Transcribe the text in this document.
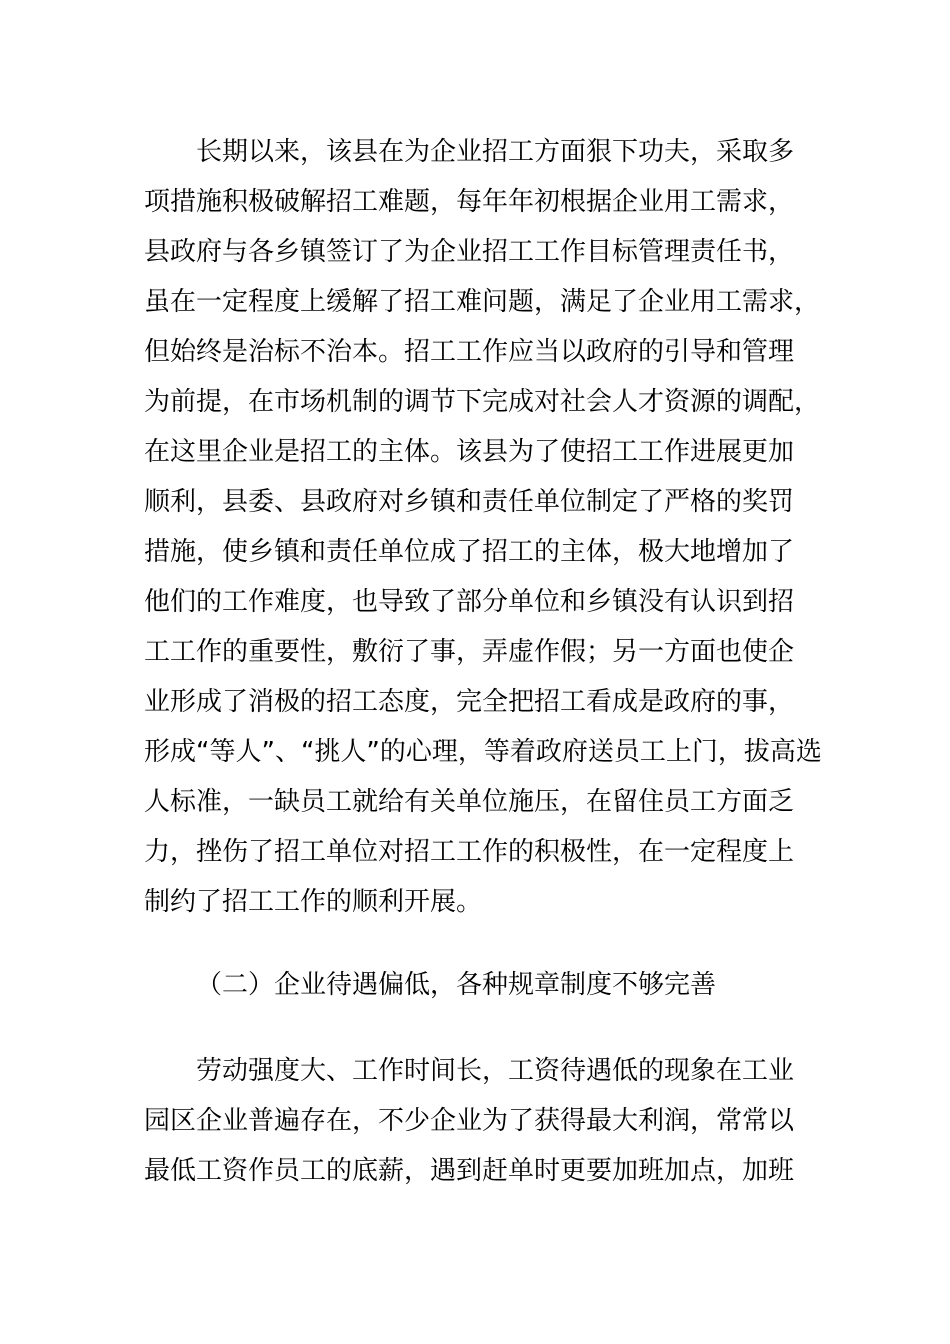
长期以来，该县在为企业招工方面狠下功夫，采取多
项措施积极破解招工难题，每年年初根据企业用工需求，
县政府与各乡镇签订了为企业招工工作目标管理责任书，
虽在一定程度上缓解了招工难问题，满足了企业用工需求，
但始终是治标不治本。招工工作应当以政府的引导和管理
为前提，在市场机制的调节下完成对社会人才资源的调配，
在这里企业是招工的主体。该县为了使招工工作进展更加
顺利，县委、县政府对乡镇和责任单位制定了严格的奖罚
措施，使乡镇和责任单位成了招工的主体，极大地增加了
他们的工作难度，也导致了部分单位和乡镇没有认识到招
工工作的重要性，敷衍了事，弄虚作假；另一方面也使企
业形成了消极的招工态度，完全把招工看成是政府的事，
形成“等人”、“挑人”的心理，等着政府送员工上门，拔高选
人标准，一缺员工就给有关单位施压，在留住员工方面乏
力，挫伤了招工单位对招工工作的积极性，在一定程度上
制约了招工工作的顺利开展。
（二）企业待遇偏低，各种规章制度不够完善
劳动强度大、工作时间长，工资待遇低的现象在工业
园区企业普遍存在，不少企业为了获得最大利润，常常以
最低工资作员工的底薪，遇到赶单时更要加班加点，加班
